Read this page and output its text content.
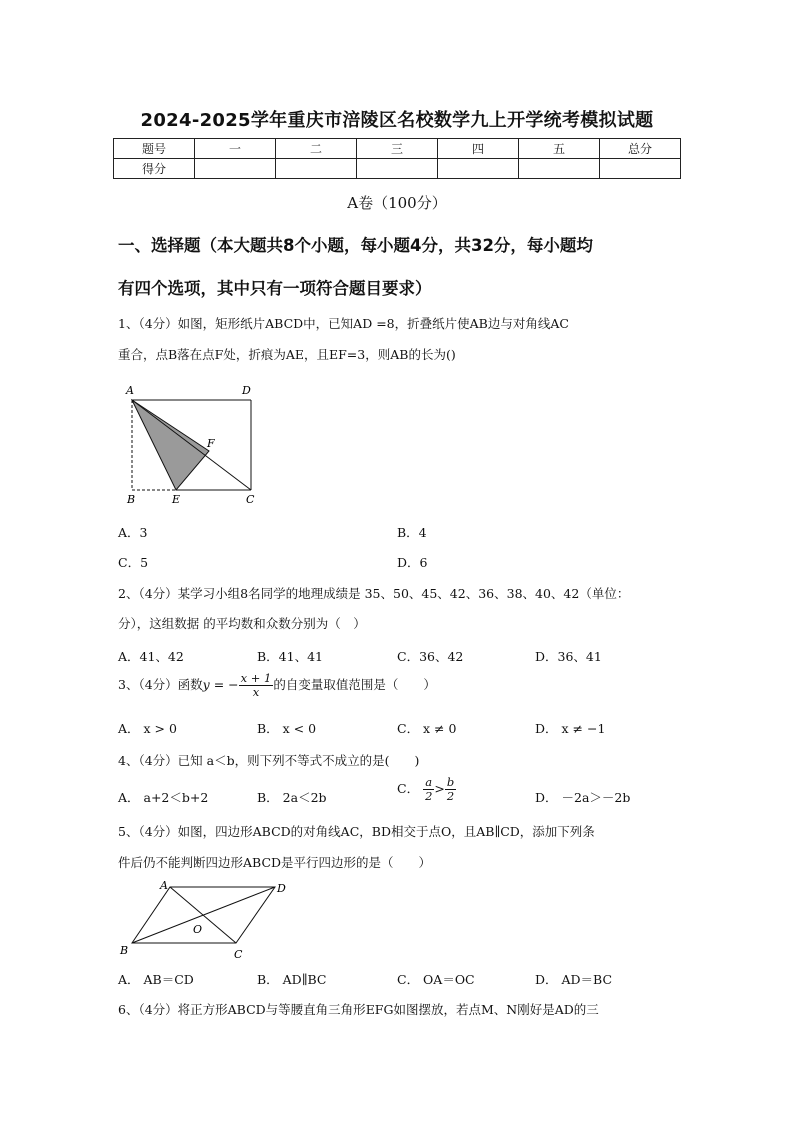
2024-2025学年重庆市涪陵区名校数学九上开学统考模拟试题
题号	一	二	三	四	五	总分
得分						
A卷（100分）
一、选择题（本大题共8个小题，每小题4分，共32分，每小题均
有四个选项，其中只有一项符合题目要求）
1、（4分）如图，矩形纸片ABCD中，已知AD =8，折叠纸片使AB边与对角线AC
重合，点B落在点F处，折痕为AE，且EF=3，则AB的长为()
A	D
F
B	E	C
A．3	B．4
C．5	D．6
2、（4分）某学习小组8名同学的地理成绩是 35、50、45、42、36、38、40、42（单位：
分），这组数据 的平均数和众数分别为（　）
A．41、42	B．41、41	C．36、42	D．36、41
3、（4分）函数y = − $\frac{x + 1}{x}$ 的自变量取值范围是（　　）
A． x > 0	B． x < 0	C． x ≠ 0	D． x ≠ −1
4、（4分）已知 a＜b，则下列不等式不成立的是(　　)
A． a+2＜b+2	B． 2a＜2b
C． $\frac{a}{2} > \frac{b}{2}$	D． －2a＞－2b
5、（4分）如图，四边形ABCD的对角线AC，BD相交于点O，且AB∥CD，添加下列条
件后仍不能判断四边形ABCD是平行四边形的是（　　）
A	D
O
B	C
A． AB＝CD	B． AD∥BC	C． OA＝OC	D． AD＝BC
6、（4分）将正方形ABCD与等腰直角三角形EFG如图摆放，若点M、N刚好是AD的三
